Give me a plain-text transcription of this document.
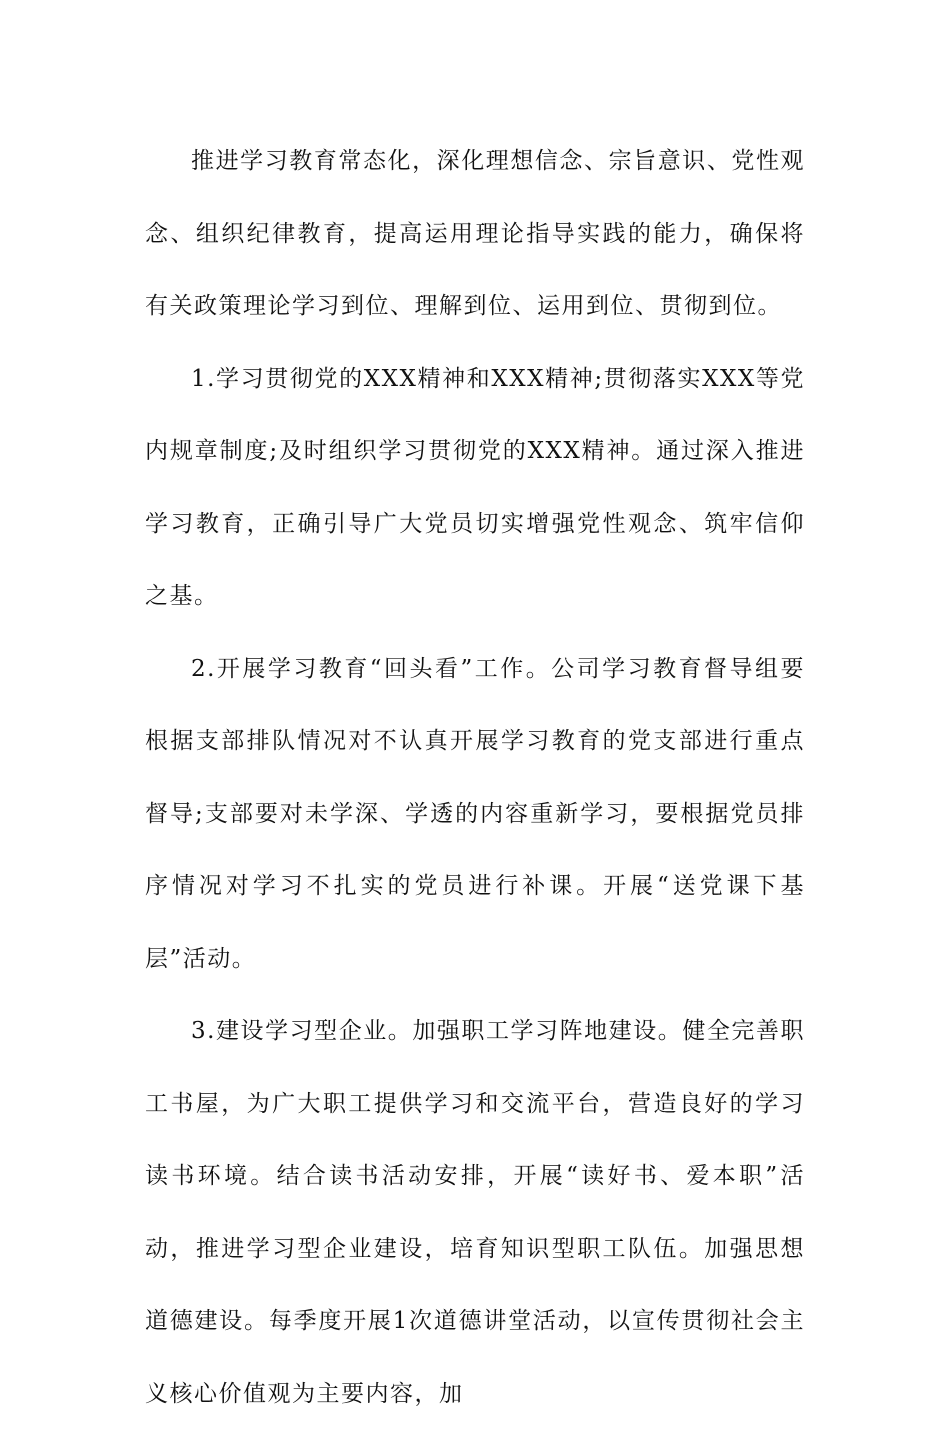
推进学习教育常态化，深化理想信念、宗旨意识、党性观念、组织纪律教育，提高运用理论指导实践的能力，确保将有关政策理论学习到位、理解到位、运用到位、贯彻到位。

1.学习贯彻党的XXX精神和XXX精神;贯彻落实XXX等党内规章制度;及时组织学习贯彻党的XXX精神。通过深入推进学习教育，正确引导广大党员切实增强党性观念、筑牢信仰之基。

2.开展学习教育“回头看”工作。公司学习教育督导组要根据支部排队情况对不认真开展学习教育的党支部进行重点督导;支部要对未学深、学透的内容重新学习，要根据党员排序情况对学习不扎实的党员进行补课。开展“送党课下基层”活动。

3.建设学习型企业。加强职工学习阵地建设。健全完善职工书屋，为广大职工提供学习和交流平台，营造良好的学习读书环境。结合读书活动安排，开展“读好书、爱本职”活动，推进学习型企业建设，培育知识型职工队伍。加强思想道德建设。每季度开展1次道德讲堂活动，以宣传贯彻社会主义核心价值观为主要内容，加
